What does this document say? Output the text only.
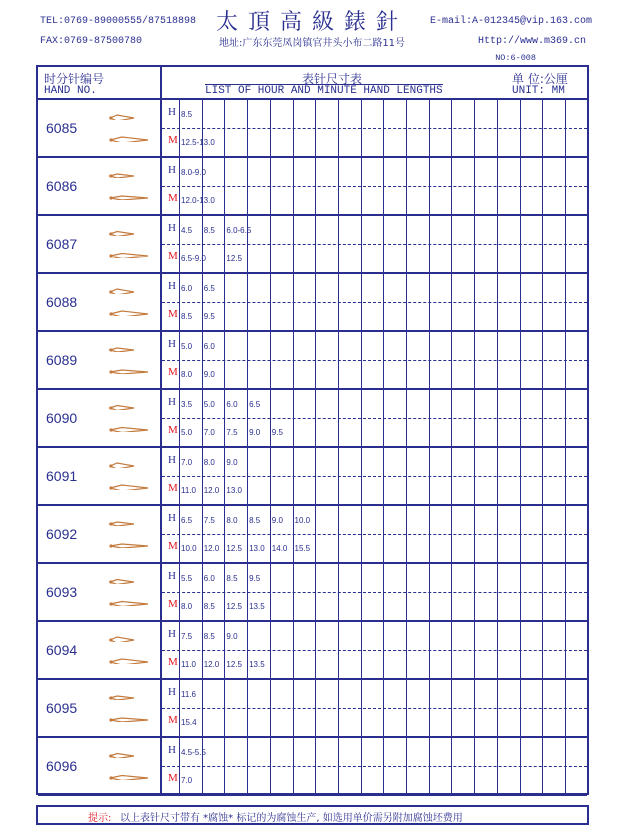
TEL:0769-89000555/87518898
FAX:0769-87500780
太頂高級錶針
地址:广东东莞凤岗镇官井头小布二路11号
E-mail:A-012345@vip.163.com
Http://www.m369.cn
NO:6-008
时分针编号
HAND NO.
表针尺寸表
LIST OF HOUR AND MINUTE HAND LENGTHS
单 位:公厘
UNIT: MM
6085
H
M
8.5
12.5-13.0
6086
H
M
8.0-9.0
12.0-13.0
6087
H
M
4.5 8.5 6.0-6.5
6.5-9.0	12.5
6088
H
M
6.0 6.5
8.5 9.5
6089
H
M
5.0 6.0
8.0 9.0
6090
H
M
3.5 5.0 6.0 6.5
5.0 7.0 7.5 9.0 9.5
6091
H
M
7.0 8.0 9.0
11.0 12.0 13.0
6092
H
M
6.5 7.5 8.0 8.5 9.0 10.0
10.0 12.0 12.5 13.0 14.0 15.5
6093
H
M
5.5 6.0 8.5 9.5
8.0 8.5 12.5 13.5
6094
H
M
7.5 8.5 9.0
11.0 12.0 12.5 13.5
6095
H
M
11.6
15.4
6096
H
M
4.5-5.5
7.0
提示: 以上表针尺寸带有 *腐蚀* 标记的为腐蚀生产, 如选用单价需另附加腐蚀坯费用
